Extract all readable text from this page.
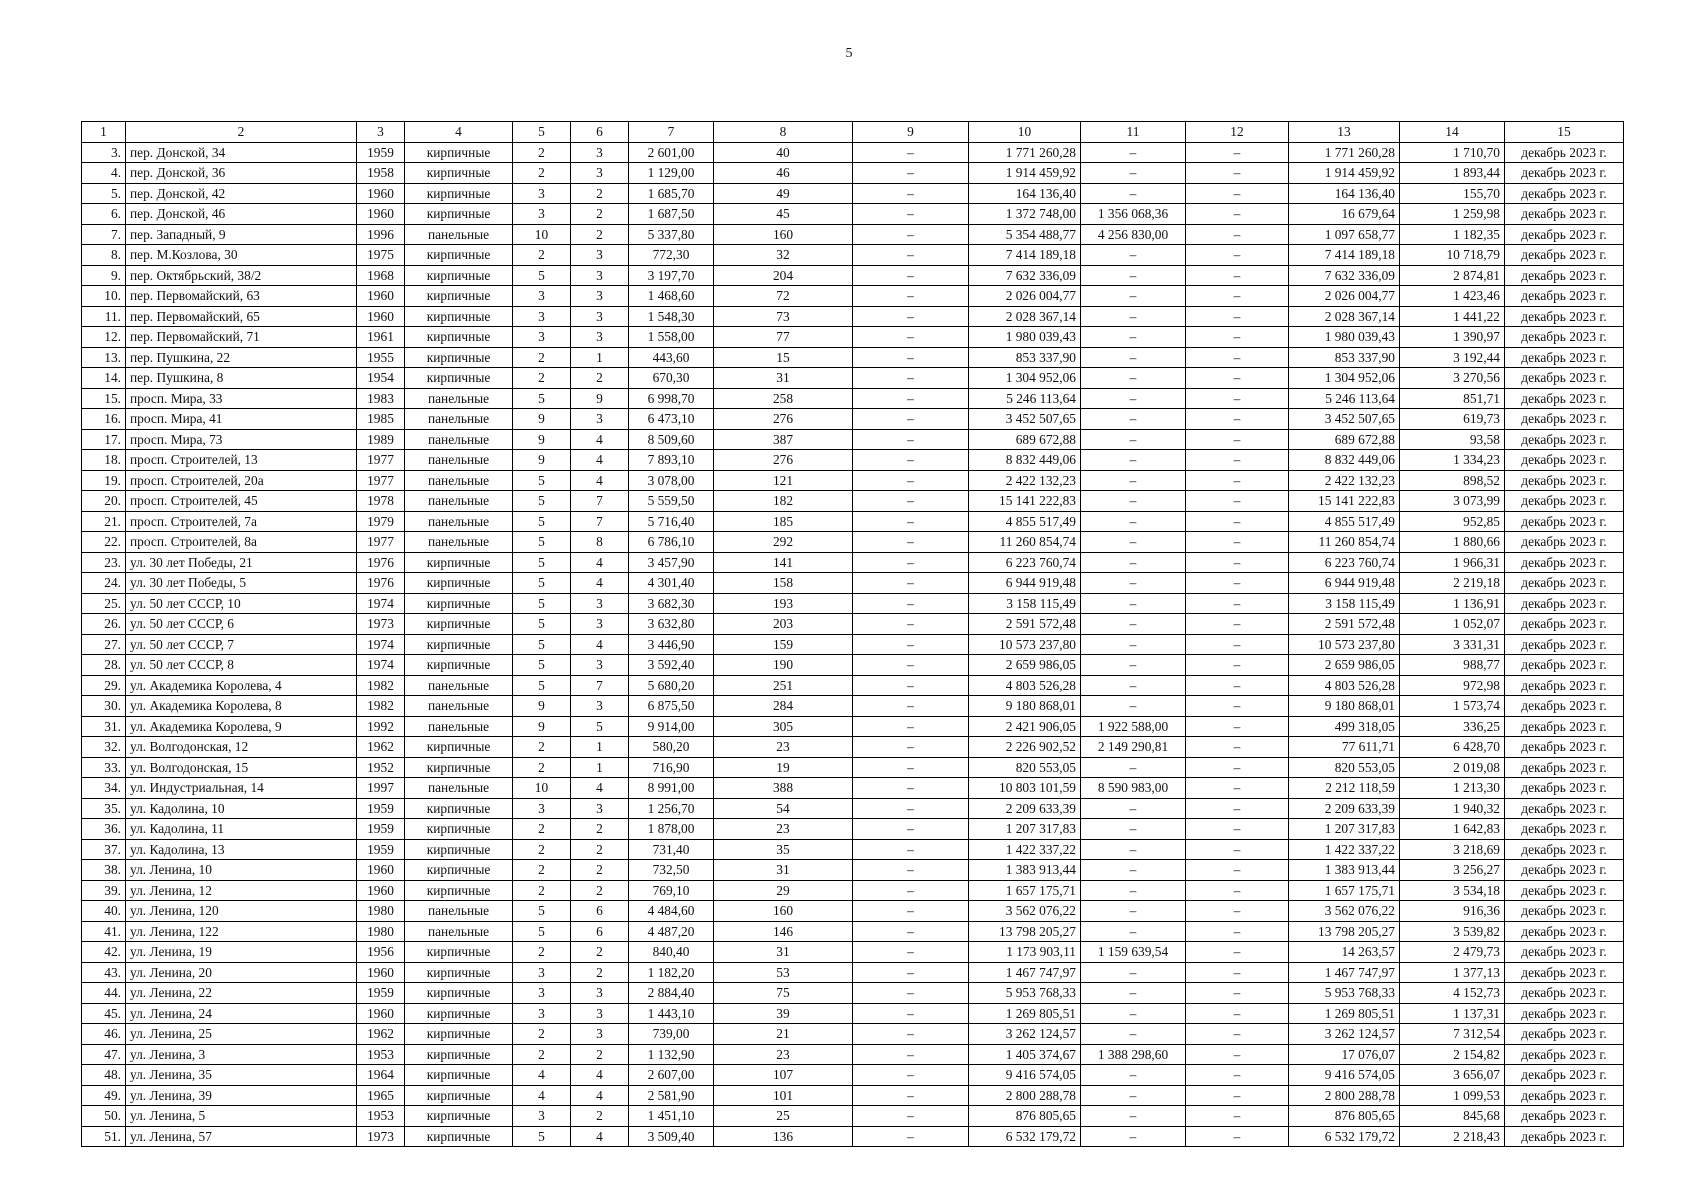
5
1	2	3	4	5	6	7	8	9	10	11	12	13	14	15
3.	пер. Донской, 34	1959	кирпичные	2	3	2 601,00	40	–	1 771 260,28	–	–	1 771 260,28	1 710,70	декабрь 2023 г.
4.	пер. Донской, 36	1958	кирпичные	2	3	1 129,00	46	–	1 914 459,92	–	–	1 914 459,92	1 893,44	декабрь 2023 г.
5.	пер. Донской, 42	1960	кирпичные	3	2	1 685,70	49	–	164 136,40	–	–	164 136,40	155,70	декабрь 2023 г.
6.	пер. Донской, 46	1960	кирпичные	3	2	1 687,50	45	–	1 372 748,00	1 356 068,36	–	16 679,64	1 259,98	декабрь 2023 г.
7.	пер. Западный, 9	1996	панельные	10	2	5 337,80	160	–	5 354 488,77	4 256 830,00	–	1 097 658,77	1 182,35	декабрь 2023 г.
8.	пер. М.Козлова, 30	1975	кирпичные	2	3	772,30	32	–	7 414 189,18	–	–	7 414 189,18	10 718,79	декабрь 2023 г.
9.	пер. Октябрьский, 38/2	1968	кирпичные	5	3	3 197,70	204	–	7 632 336,09	–	–	7 632 336,09	2 874,81	декабрь 2023 г.
10.	пер. Первомайский, 63	1960	кирпичные	3	3	1 468,60	72	–	2 026 004,77	–	–	2 026 004,77	1 423,46	декабрь 2023 г.
11.	пер. Первомайский, 65	1960	кирпичные	3	3	1 548,30	73	–	2 028 367,14	–	–	2 028 367,14	1 441,22	декабрь 2023 г.
12.	пер. Первомайский, 71	1961	кирпичные	3	3	1 558,00	77	–	1 980 039,43	–	–	1 980 039,43	1 390,97	декабрь 2023 г.
13.	пер. Пушкина, 22	1955	кирпичные	2	1	443,60	15	–	853 337,90	–	–	853 337,90	3 192,44	декабрь 2023 г.
14.	пер. Пушкина, 8	1954	кирпичные	2	2	670,30	31	–	1 304 952,06	–	–	1 304 952,06	3 270,56	декабрь 2023 г.
15.	просп. Мира, 33	1983	панельные	5	9	6 998,70	258	–	5 246 113,64	–	–	5 246 113,64	851,71	декабрь 2023 г.
16.	просп. Мира, 41	1985	панельные	9	3	6 473,10	276	–	3 452 507,65	–	–	3 452 507,65	619,73	декабрь 2023 г.
17.	просп. Мира, 73	1989	панельные	9	4	8 509,60	387	–	689 672,88	–	–	689 672,88	93,58	декабрь 2023 г.
18.	просп. Строителей, 13	1977	панельные	9	4	7 893,10	276	–	8 832 449,06	–	–	8 832 449,06	1 334,23	декабрь 2023 г.
19.	просп. Строителей, 20а	1977	панельные	5	4	3 078,00	121	–	2 422 132,23	–	–	2 422 132,23	898,52	декабрь 2023 г.
20.	просп. Строителей, 45	1978	панельные	5	7	5 559,50	182	–	15 141 222,83	–	–	15 141 222,83	3 073,99	декабрь 2023 г.
21.	просп. Строителей, 7а	1979	панельные	5	7	5 716,40	185	–	4 855 517,49	–	–	4 855 517,49	952,85	декабрь 2023 г.
22.	просп. Строителей, 8а	1977	панельные	5	8	6 786,10	292	–	11 260 854,74	–	–	11 260 854,74	1 880,66	декабрь 2023 г.
23.	ул. 30 лет Победы, 21	1976	кирпичные	5	4	3 457,90	141	–	6 223 760,74	–	–	6 223 760,74	1 966,31	декабрь 2023 г.
24.	ул. 30 лет Победы, 5	1976	кирпичные	5	4	4 301,40	158	–	6 944 919,48	–	–	6 944 919,48	2 219,18	декабрь 2023 г.
25.	ул. 50 лет СССР, 10	1974	кирпичные	5	3	3 682,30	193	–	3 158 115,49	–	–	3 158 115,49	1 136,91	декабрь 2023 г.
26.	ул. 50 лет СССР, 6	1973	кирпичные	5	3	3 632,80	203	–	2 591 572,48	–	–	2 591 572,48	1 052,07	декабрь 2023 г.
27.	ул. 50 лет СССР, 7	1974	кирпичные	5	4	3 446,90	159	–	10 573 237,80	–	–	10 573 237,80	3 331,31	декабрь 2023 г.
28.	ул. 50 лет СССР, 8	1974	кирпичные	5	3	3 592,40	190	–	2 659 986,05	–	–	2 659 986,05	988,77	декабрь 2023 г.
29.	ул. Академика Королева, 4	1982	панельные	5	7	5 680,20	251	–	4 803 526,28	–	–	4 803 526,28	972,98	декабрь 2023 г.
30.	ул. Академика Королева, 8	1982	панельные	9	3	6 875,50	284	–	9 180 868,01	–	–	9 180 868,01	1 573,74	декабрь 2023 г.
31.	ул. Академика Королева, 9	1992	панельные	9	5	9 914,00	305	–	2 421 906,05	1 922 588,00	–	499 318,05	336,25	декабрь 2023 г.
32.	ул. Волгодонская, 12	1962	кирпичные	2	1	580,20	23	–	2 226 902,52	2 149 290,81	–	77 611,71	6 428,70	декабрь 2023 г.
33.	ул. Волгодонская, 15	1952	кирпичные	2	1	716,90	19	–	820 553,05	–	–	820 553,05	2 019,08	декабрь 2023 г.
34.	ул. Индустриальная, 14	1997	панельные	10	4	8 991,00	388	–	10 803 101,59	8 590 983,00	–	2 212 118,59	1 213,30	декабрь 2023 г.
35.	ул. Кадолина, 10	1959	кирпичные	3	3	1 256,70	54	–	2 209 633,39	–	–	2 209 633,39	1 940,32	декабрь 2023 г.
36.	ул. Кадолина, 11	1959	кирпичные	2	2	1 878,00	23	–	1 207 317,83	–	–	1 207 317,83	1 642,83	декабрь 2023 г.
37.	ул. Кадолина, 13	1959	кирпичные	2	2	731,40	35	–	1 422 337,22	–	–	1 422 337,22	3 218,69	декабрь 2023 г.
38.	ул. Ленина, 10	1960	кирпичные	2	2	732,50	31	–	1 383 913,44	–	–	1 383 913,44	3 256,27	декабрь 2023 г.
39.	ул. Ленина, 12	1960	кирпичные	2	2	769,10	29	–	1 657 175,71	–	–	1 657 175,71	3 534,18	декабрь 2023 г.
40.	ул. Ленина, 120	1980	панельные	5	6	4 484,60	160	–	3 562 076,22	–	–	3 562 076,22	916,36	декабрь 2023 г.
41.	ул. Ленина, 122	1980	панельные	5	6	4 487,20	146	–	13 798 205,27	–	–	13 798 205,27	3 539,82	декабрь 2023 г.
42.	ул. Ленина, 19	1956	кирпичные	2	2	840,40	31	–	1 173 903,11	1 159 639,54	–	14 263,57	2 479,73	декабрь 2023 г.
43.	ул. Ленина, 20	1960	кирпичные	3	2	1 182,20	53	–	1 467 747,97	–	–	1 467 747,97	1 377,13	декабрь 2023 г.
44.	ул. Ленина, 22	1959	кирпичные	3	3	2 884,40	75	–	5 953 768,33	–	–	5 953 768,33	4 152,73	декабрь 2023 г.
45.	ул. Ленина, 24	1960	кирпичные	3	3	1 443,10	39	–	1 269 805,51	–	–	1 269 805,51	1 137,31	декабрь 2023 г.
46.	ул. Ленина, 25	1962	кирпичные	2	3	739,00	21	–	3 262 124,57	–	–	3 262 124,57	7 312,54	декабрь 2023 г.
47.	ул. Ленина, 3	1953	кирпичные	2	2	1 132,90	23	–	1 405 374,67	1 388 298,60	–	17 076,07	2 154,82	декабрь 2023 г.
48.	ул. Ленина, 35	1964	кирпичные	4	4	2 607,00	107	–	9 416 574,05	–	–	9 416 574,05	3 656,07	декабрь 2023 г.
49.	ул. Ленина, 39	1965	кирпичные	4	4	2 581,90	101	–	2 800 288,78	–	–	2 800 288,78	1 099,53	декабрь 2023 г.
50.	ул. Ленина, 5	1953	кирпичные	3	2	1 451,10	25	–	876 805,65	–	–	876 805,65	845,68	декабрь 2023 г.
51.	ул. Ленина, 57	1973	кирпичные	5	4	3 509,40	136	–	6 532 179,72	–	–	6 532 179,72	2 218,43	декабрь 2023 г.
